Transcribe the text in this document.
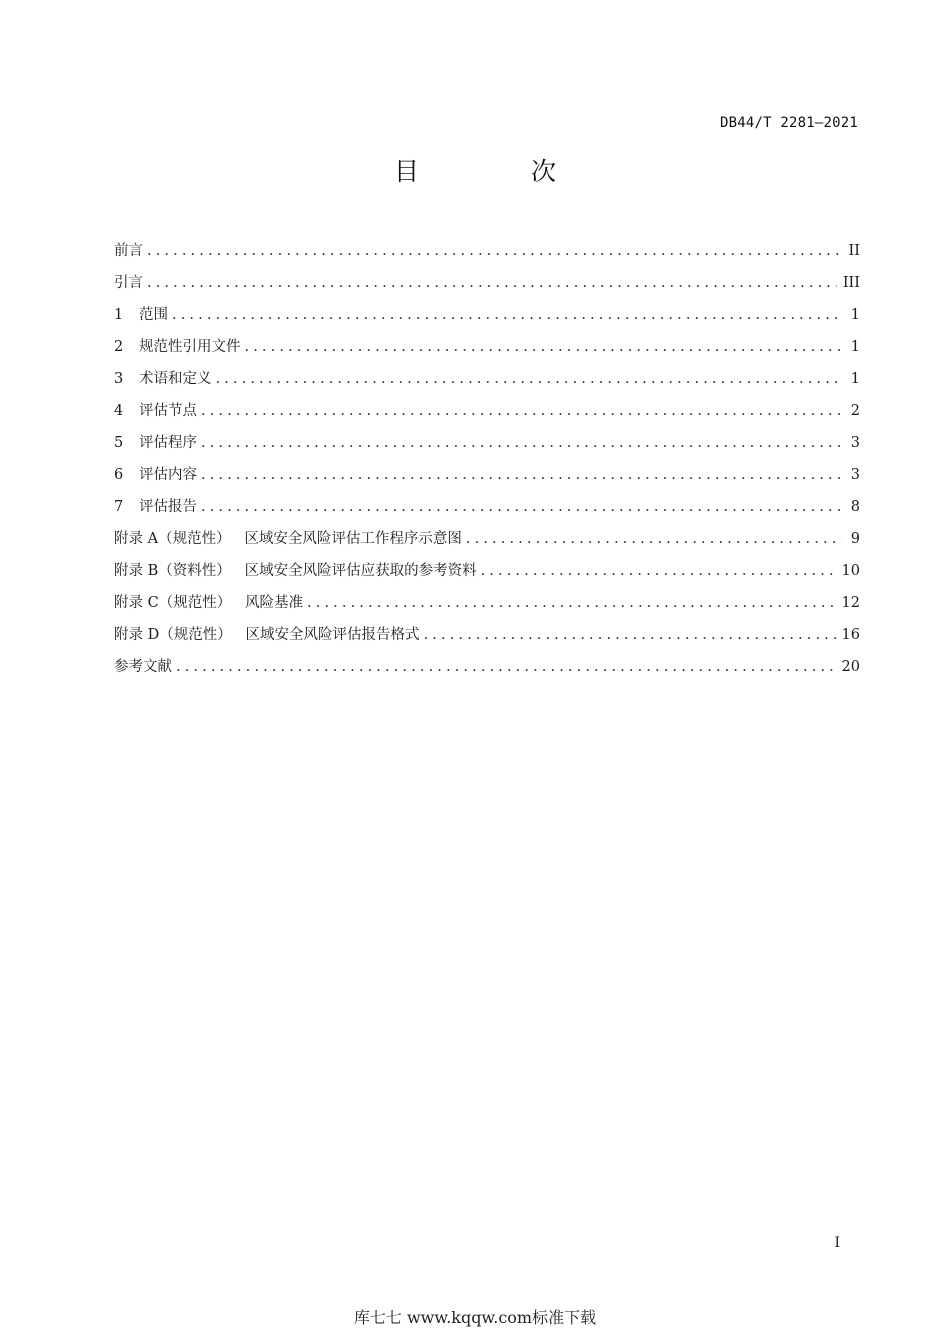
DB44/T 2281—2021
目 次
前言 .....	II
引言 .....	III
1	范围 .....	1
2	规范性引用文件 .....	1
3	术语和定义 .....	1
4	评估节点 .....	2
5	评估程序 .....	3
6	评估内容 .....	3
7	评估报告 .....	8
附录 A（规范性）   区域安全风险评估工作程序示意图 .....	9
附录 B（资料性）   区域安全风险评估应获取的参考资料 .....	10
附录 C（规范性）   风险基准 .....	12
附录 D（规范性）   区域安全风险评估报告格式 .....	16
参考文献 .....	20
I
库七七 www.kqqw.com标准下载
